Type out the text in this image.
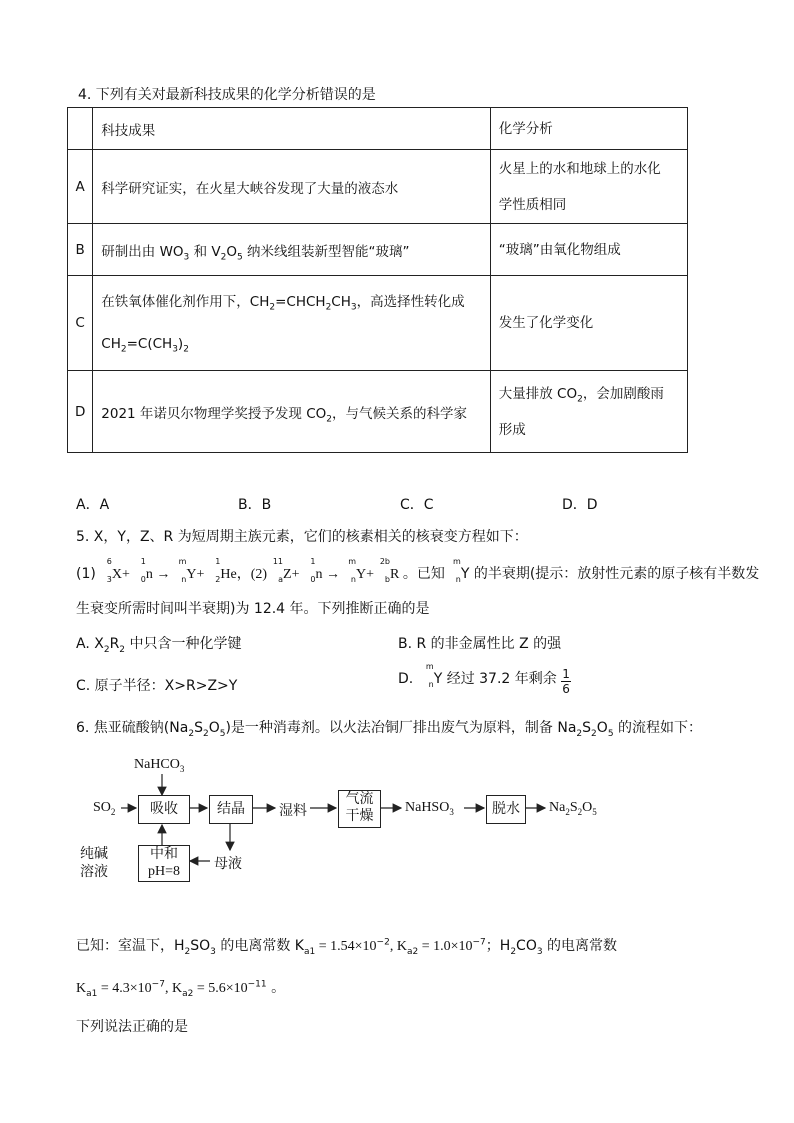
4. 下列有关对最新科技成果的化学分析错误的是
	科技成果	化学分析
A	科学研究证实，在火星大峡谷发现了大量的液态水	火星上的水和地球上的水化
学性质相同
B	研制出由 $WO_3$ 和 $V_2O_5$ 纳米线组装新型智能“玻璃”	“玻璃”由氧化物组成
C	在铁氧体催化剂作用下，$CH_2=CHCH_2CH_3$，高选择性转化成
$CH_2=C(CH_3)_2$	发生了化学变化
D	2021 年诺贝尔物理学奖授予发现 $CO_2$，与气候关系的科学家	大量排放 $CO_2$，会加剧酸雨
形成
A．A	B．B	C．C	D．D
5. X，Y，Z、R 为短周期主族元素，它们的核素相关的核衰变方程如下：
(1)
6
3 X+
1
0 n →
m
n Y+
1
2 He，(2)
11
a Z+
1
0 n →
m
n Y+
2b
b R 。已知
m
n Y 的半衰期(提示：放射性元素的原子核有半数发
生衰变所需时间叫半衰期)为 12.4 年。下列推断正确的是
A. $X_2R_2$ 中只含一种化学键	B. R 的非金属性比 Z 的强
C. 原子半径：X>R>Z>Y	D.
m
n Y 经过 37.2 年剩余 $\frac{1}{6}$
6. 焦亚硫酸钠$(Na_2S_2O_5)$是一种消毒剂。以火法冶铜厂排出废气为原料，制备 $Na_2S_2O_5$ 的流程如下：
NaHCO$_3$
$SO_2$	吸收	结晶	湿料
气流
干燥
NaHSO$_3$	脱水	$Na_2S_2O_5$
纯碱
溶液
中和
pH=8	母液
已知：室温下，$H_2SO_3$ 的电离常数 $K_{a1} = 1.54\times 10^{-2}$, $K_{a2} = 1.0\times 10^{-7}$；$H_2CO_3$ 的电离常数
$K_{a1} = 4.3\times 10^{-7}$, $K_{a2} = 5.6\times 10^{-11}$ 。
下列说法正确的是
